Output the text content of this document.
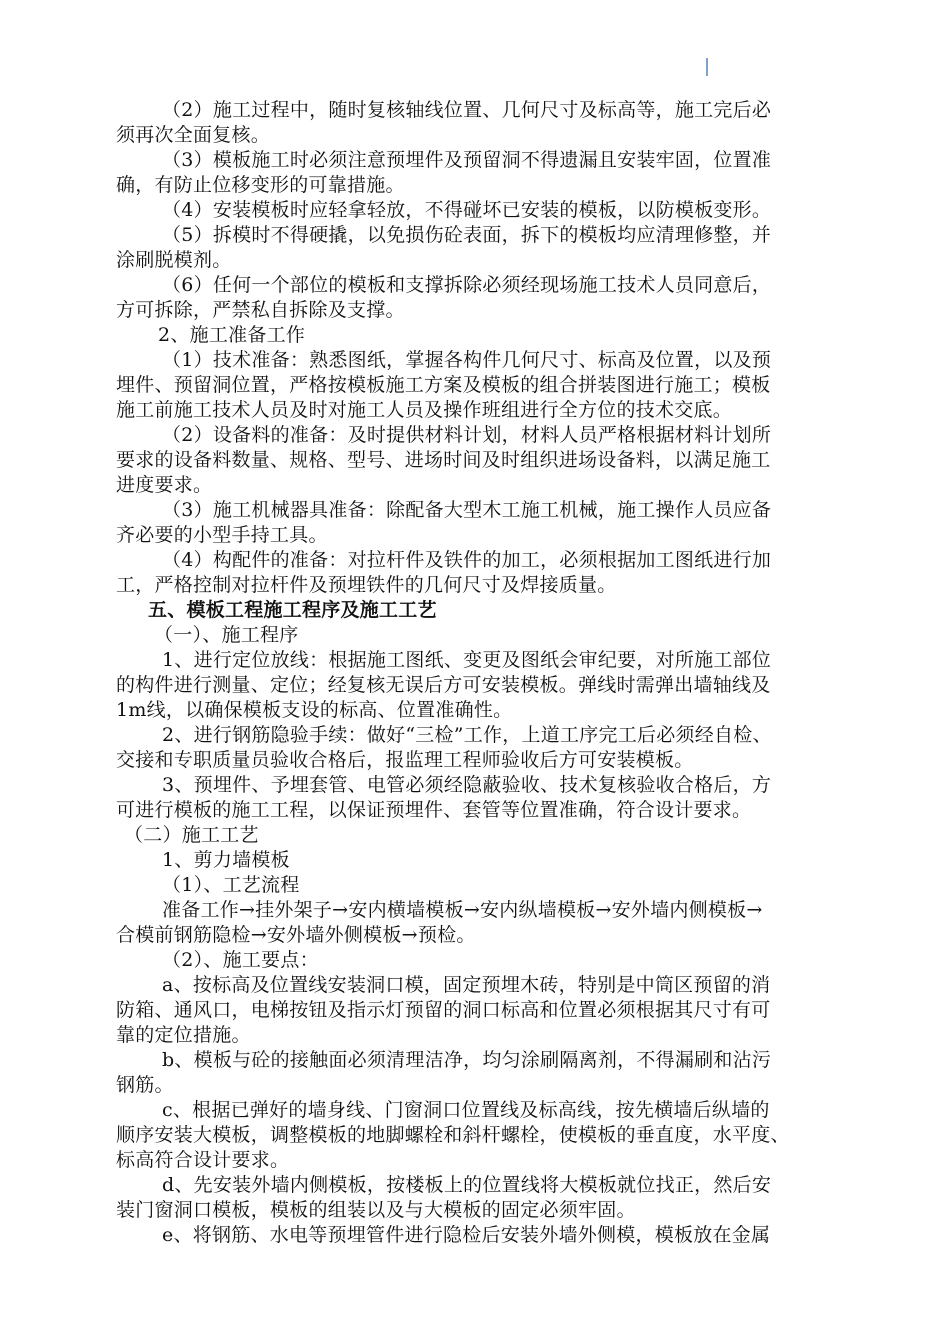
（2）施工过程中，随时复核轴线位置、几何尺寸及标高等，施工完后必
须再次全面复核。
（3）模板施工时必须注意预埋件及预留洞不得遗漏且安装牢固，位置准
确，有防止位移变形的可靠措施。
（4）安装模板时应轻拿轻放，不得碰坏已安装的模板，以防模板变形。
（5）拆模时不得硬撬，以免损伤砼表面，拆下的模板均应清理修整，并
涂刷脱模剂。
（6）任何一个部位的模板和支撑拆除必须经现场施工技术人员同意后，
方可拆除，严禁私自拆除及支撑。
2、施工准备工作
（1）技术准备：熟悉图纸，掌握各构件几何尺寸、标高及位置，以及预
埋件、预留洞位置，严格按模板施工方案及模板的组合拼装图进行施工；模板
施工前施工技术人员及时对施工人员及操作班组进行全方位的技术交底。
（2）设备料的准备：及时提供材料计划，材料人员严格根据材料计划所
要求的设备料数量、规格、型号、进场时间及时组织进场设备料，以满足施工
进度要求。
（3）施工机械器具准备：除配备大型木工施工机械，施工操作人员应备
齐必要的小型手持工具。
（4）构配件的准备：对拉杆件及铁件的加工，必须根据加工图纸进行加
工，严格控制对拉杆件及预埋铁件的几何尺寸及焊接质量。
五、模板工程施工程序及施工工艺
（一）、施工程序
1、进行定位放线：根据施工图纸、变更及图纸会审纪要，对所施工部位
的构件进行测量、定位；经复核无误后方可安装模板。弹线时需弹出墙轴线及
1m线，以确保模板支设的标高、位置准确性。
2、进行钢筋隐验手续：做好“三检”工作，上道工序完工后必须经自检、
交接和专职质量员验收合格后，报监理工程师验收后方可安装模板。
3、预埋件、予埋套管、电管必须经隐蔽验收、技术复核验收合格后，方
可进行模板的施工工程，以保证预埋件、套管等位置准确，符合设计要求。
（二）施工工艺
1、剪力墙模板
（1）、工艺流程
准备工作→挂外架子→安内横墙模板→安内纵墙模板→安外墙内侧模板→
合模前钢筋隐检→安外墙外侧模板→预检。
（2）、施工要点：
a、按标高及位置线安装洞口模，固定预埋木砖，特别是中筒区预留的消
防箱、通风口，电梯按钮及指示灯预留的洞口标高和位置必须根据其尺寸有可
靠的定位措施。
b、模板与砼的接触面必须清理洁净，均匀涂刷隔离剂，不得漏刷和沾污
钢筋。
c、根据已弹好的墙身线、门窗洞口位置线及标高线，按先横墙后纵墙的
顺序安装大模板，调整模板的地脚螺栓和斜杆螺栓，使模板的垂直度，水平度、
标高符合设计要求。
d、先安装外墙内侧模板，按楼板上的位置线将大模板就位找正，然后安
装门窗洞口模板，模板的组装以及与大模板的固定必须牢固。
e、将钢筋、水电等预埋管件进行隐检后安装外墙外侧模，模板放在金属
